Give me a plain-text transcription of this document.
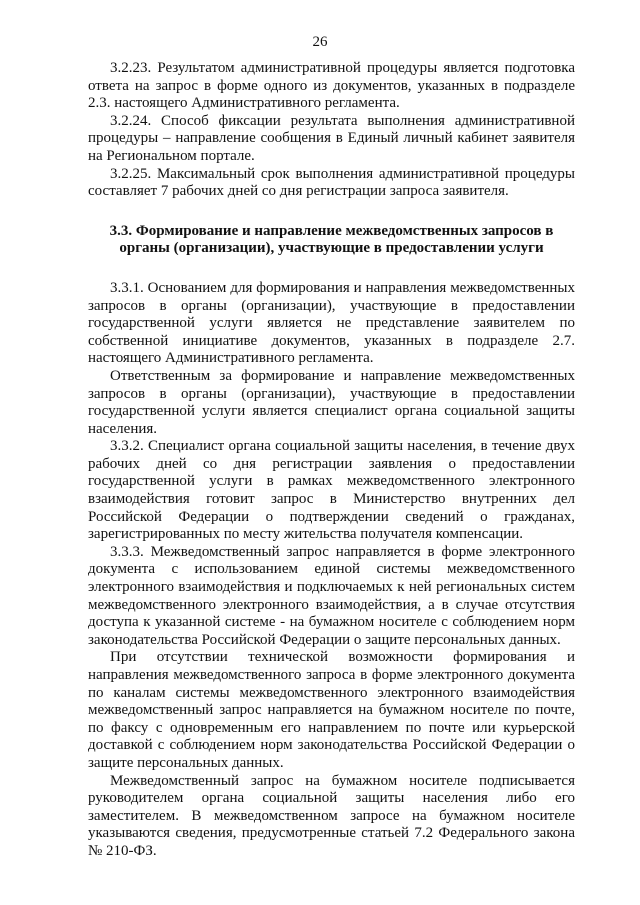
26

3.2.23. Результатом административной процедуры является подготовка ответа на запрос в форме одного из документов, указанных в подразделе 2.3. настоящего Административного регламента.

3.2.24. Способ фиксации результата выполнения административной процедуры – направление сообщения в Единый личный кабинет заявителя на Региональном портале.

3.2.25. Максимальный срок выполнения административной процедуры составляет 7 рабочих дней со дня регистрации запроса заявителя.

3.3. Формирование и направление межведомственных запросов в органы (организации), участвующие в предоставлении услуги

3.3.1. Основанием для формирования и направления межведомственных запросов в органы (организации), участвующие в предоставлении государственной услуги является не представление заявителем по собственной инициативе документов, указанных в подразделе 2.7. настоящего Административного регламента.

Ответственным за формирование и направление межведомственных запросов в органы (организации), участвующие в предоставлении государственной услуги является специалист органа социальной защиты населения.

3.3.2. Специалист органа социальной защиты населения, в течение двух рабочих дней со дня регистрации заявления о предоставлении государственной услуги в рамках межведомственного электронного взаимодействия готовит запрос в Министерство внутренних дел Российской Федерации о подтверждении сведений о гражданах, зарегистрированных по месту жительства получателя компенсации.

3.3.3. Межведомственный запрос направляется в форме электронного документа с использованием единой системы межведомственного электронного взаимодействия и подключаемых к ней региональных систем межведомственного электронного взаимодействия, а в случае отсутствия доступа к указанной системе - на бумажном носителе с соблюдением норм законодательства Российской Федерации о защите персональных данных.

При отсутствии технической возможности формирования и направления межведомственного запроса в форме электронного документа по каналам системы межведомственного электронного взаимодействия межведомственный запрос направляется на бумажном носителе по почте, по факсу с одновременным его направлением по почте или курьерской доставкой с соблюдением норм законодательства Российской Федерации о защите персональных данных.

Межведомственный запрос на бумажном носителе подписывается руководителем органа социальной защиты населения либо его заместителем. В межведомственном запросе на бумажном носителе указываются сведения, предусмотренные статьей 7.2 Федерального закона № 210-ФЗ.
